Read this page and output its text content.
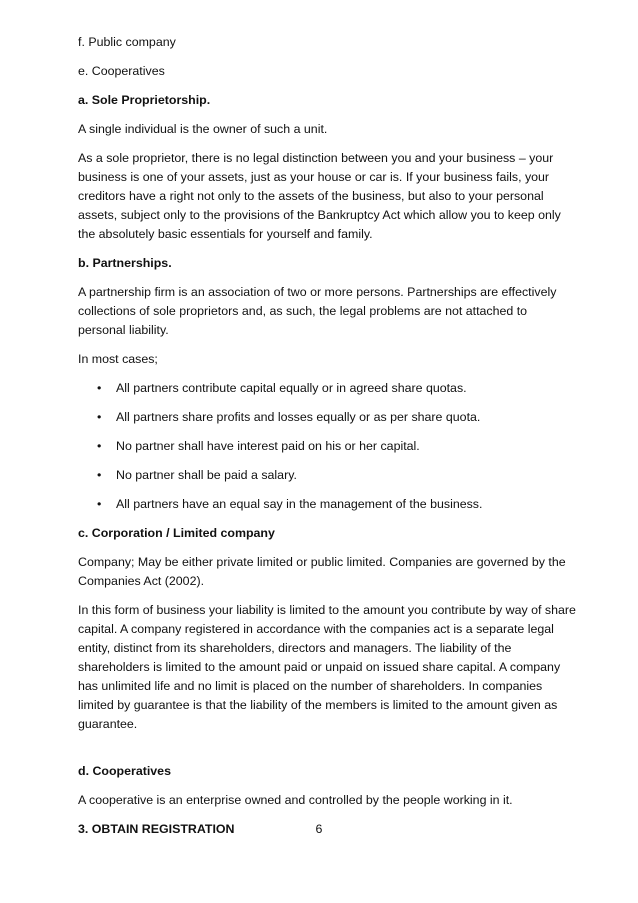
f. Public company
e. Cooperatives
a. Sole Proprietorship.
A single individual is the owner of such a unit.
As a sole proprietor, there is no legal distinction between you and your business – your business is one of your assets, just as your house or car is. If your business fails, your creditors have a right not only to the assets of the business, but also to your personal assets, subject only to the provisions of the Bankruptcy Act which allow you to keep only the absolutely basic essentials for yourself and family.
b. Partnerships.
A partnership firm is an association of two or more persons. Partnerships are effectively collections of sole proprietors and, as such, the legal problems are not attached to personal liability.
In most cases;
• All partners contribute capital equally or in agreed share quotas.
• All partners share profits and losses equally or as per share quota.
• No partner shall have interest paid on his or her capital.
• No partner shall be paid a salary.
• All partners have an equal say in the management of the business.
c. Corporation / Limited company
Company; May be either private limited or public limited. Companies are governed by the Companies Act (2002).
In this form of business your liability is limited to the amount you contribute by way of share capital. A company registered in accordance with the companies act is a separate legal entity, distinct from its shareholders, directors and managers. The liability of the shareholders is limited to the amount paid or unpaid on issued share capital. A company has unlimited life and no limit is placed on the number of shareholders. In companies limited by guarantee is that the liability of the members is limited to the amount given as guarantee.
d. Cooperatives
A cooperative is an enterprise owned and controlled by the people working in it.
3. OBTAIN REGISTRATION	6
